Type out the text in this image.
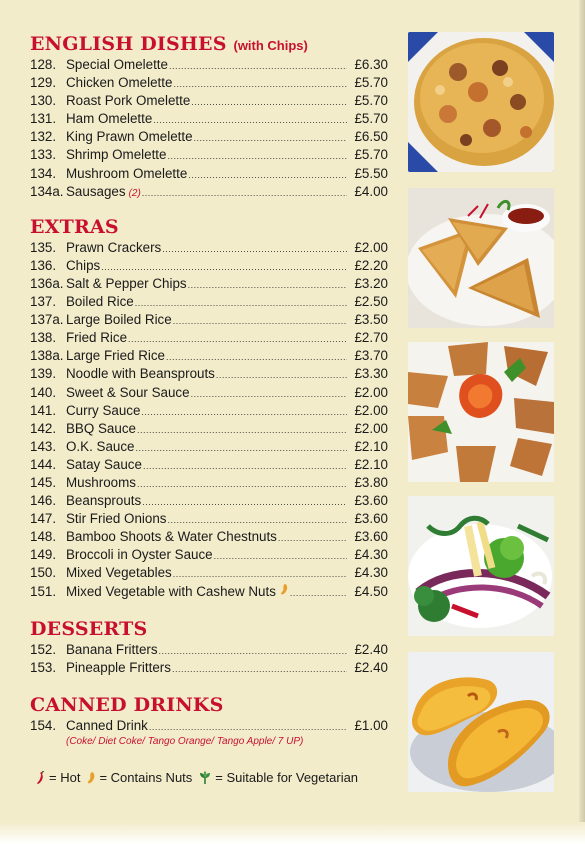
ENGLISH DISHES (with Chips)
128. Special Omelette .....	£6.30
129. Chicken Omelette .....	£5.70
130. Roast Pork Omelette .....	£5.70
131. Ham Omelette .....	£5.70
132. King Prawn Omelette .....	£6.50
133. Shrimp Omelette .....	£5.70
134. Mushroom Omelette .....	£5.50
134a. Sausages (2) .....	£4.00
EXTRAS
135. Prawn Crackers .....	£2.00
136. Chips .....	£2.20
136a. Salt & Pepper Chips .....	£3.20
137. Boiled Rice .....	£2.50
137a. Large Boiled Rice .....	£3.50
138. Fried Rice .....	£2.70
138a. Large Fried Rice .....	£3.70
139. Noodle with Beansprouts .....	£3.30
140. Sweet & Sour Sauce .....	£2.00
141. Curry Sauce .....	£2.00
142. BBQ Sauce .....	£2.00
143. O.K. Sauce .....	£2.10
144. Satay Sauce .....	£2.10
145. Mushrooms .....	£3.80
146. Beansprouts .....	£3.60
147. Stir Fried Onions .....	£3.60
148. Bamboo Shoots & Water Chestnuts .....	£3.60
149. Broccoli in Oyster Sauce .....	£4.30
150. Mixed Vegetables .....	£4.30
151. Mixed Vegetable with Cashew Nuts .....	£4.50
DESSERTS
152. Banana Fritters .....	£2.40
153. Pineapple Fritters .....	£2.40
CANNED DRINKS
154. Canned Drink .....	£1.00
(Coke/ Diet Coke/ Tango Orange/ Tango Apple/ 7 UP)
= Hot = Contains Nuts = Suitable for Vegetarian
